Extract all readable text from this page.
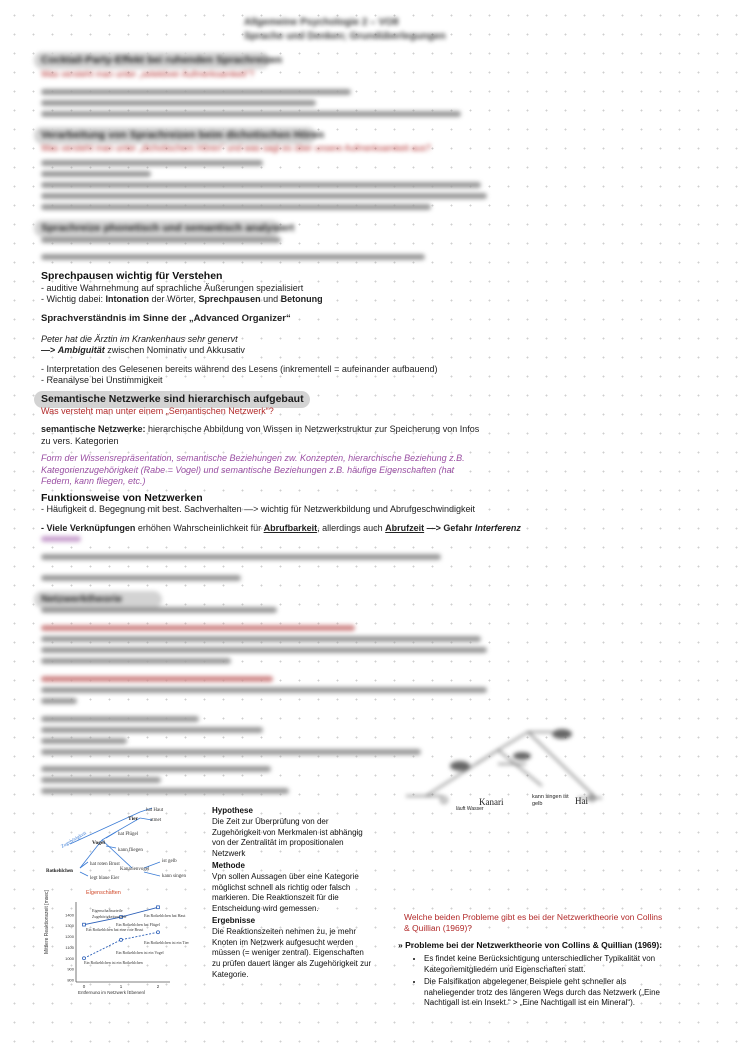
Allgemeine Psychologie 2 – VO8
Sprache und Denken; Grundüberlegungen
Cocktail-Party-Effekt bei ruhenden Sprachreizen
Was versteht man unter „selektiver Aufmerksamkeit“?
Verarbeitung von Sprachreizen beim dichotischen Hören
Was versteht man unter „dichotischem Hören“ und was sagt es über unsere Aufmerksamkeit aus?
Sprachreize phonetisch und semantisch analysiert
Sprechpausen wichtig für Verstehen
- auditive Wahrnehmung auf sprachliche Äußerungen spezialisiert
- Wichtig dabei: Intonation der Wörter, Sprechpausen und Betonung
Sprachverständnis im Sinne der „Advanced Organizer“
Peter hat die Ärztin im Krankenhaus sehr genervt
—> Ambiguität zwischen Nominativ und Akkusativ
- Interpretation des Gelesenen bereits während des Lesens (inkrementell = aufeinander aufbauend)
- Reanalyse bei Unstimmigkeit
Semantische Netzwerke sind hierarchisch aufgebaut
Was versteht man unter einem „Semantischen Netzwerk“?
semantische Netzwerke: hierarchische Abbildung von Wissen in Netzwerkstruktur zur Speicherung von Infos zu vers. Kategorien
Form der Wissensrepräsentation, semantische Beziehungen zw. Konzepten, hierarchische Beziehung z.B. Kategorienzugehörigkeit (Rabe = Vogel) und semantische Beziehungen z.B. häufige Eigenschaften (hat Federn, kann fliegen, etc.)
Funktionsweise von Netzwerken
- Häufigkeit d. Begegnung mit best. Sachverhalten —> wichtig für Netzwerkbildung und Abrufgeschwindigkeit
- Viele Verknüpfungen erhöhen Wahrscheinlichkeit für Abrufbarkeit, allerdings auch Abrufzeit —> Gefahr Interferenz
Netzwerktheorie
Kanari	kann singen ist gelb	Hai
läuft Wasser
hat Haut
atmet
Tier
Zugehörigkeit Vogel
hat Flügel
kann fliegen
Rotkehlchen
hat roten Brust
legt blaue Eier
Kanarienvogel
ist gelb
kann singen
Eigenschaften
1400
1300
1200
1100
1000
900
800
0	1	2
Mittlere Reaktionszeit [msec]
Entfernung im Netzwerk [Ebenen]
Eigenschaftsurteile
Zugehörigkeitsurteile	Ein Rotkehlchen hat Haut
Ein Rotkehlchen hat Flügel
Ein Rotkehlchen ist ein Tier
Ein Rotkehlchen hat eine rote Brust
Ein Rotkehlchen ist ein Vogel
Ein Rotkehlchen ist ein Rotkehlchen
Hypothese
Die Zeit zur Überprüfung von der Zugehörigkeit von Merkmalen ist abhängig von der Zentralität im propositionalen Netzwerk
Methode
Vpn sollen Aussagen über eine Kategorie möglichst schnell als richtig oder falsch markieren. Die Reaktionszeit für die Entscheidung wird gemessen.
Ergebnisse
Die Reaktionszeiten nehmen zu, je mehr Knoten im Netzwerk aufgesucht werden müssen (= weniger zentral). Eigenschaften zu prüfen dauert länger als Zugehörigkeit zur Kategorie.
Welche beiden Probleme gibt es bei der Netzwerktheorie von Collins & Quillian (1969)?
» Probleme bei der Netzwerktheorie von Collins & Quillian (1969):
• Es findet keine Berücksichtigung unterschiedlicher Typikalität von Kategoriemitgliedern und Eigenschaften statt.
• Die Falsifikation abgelegener Beispiele geht schneller als naheliegender trotz des längeren Wegs durch das Netzwerk („Eine Nachtigall ist ein Insekt.“ > „Eine Nachtigall ist ein Mineral“).
